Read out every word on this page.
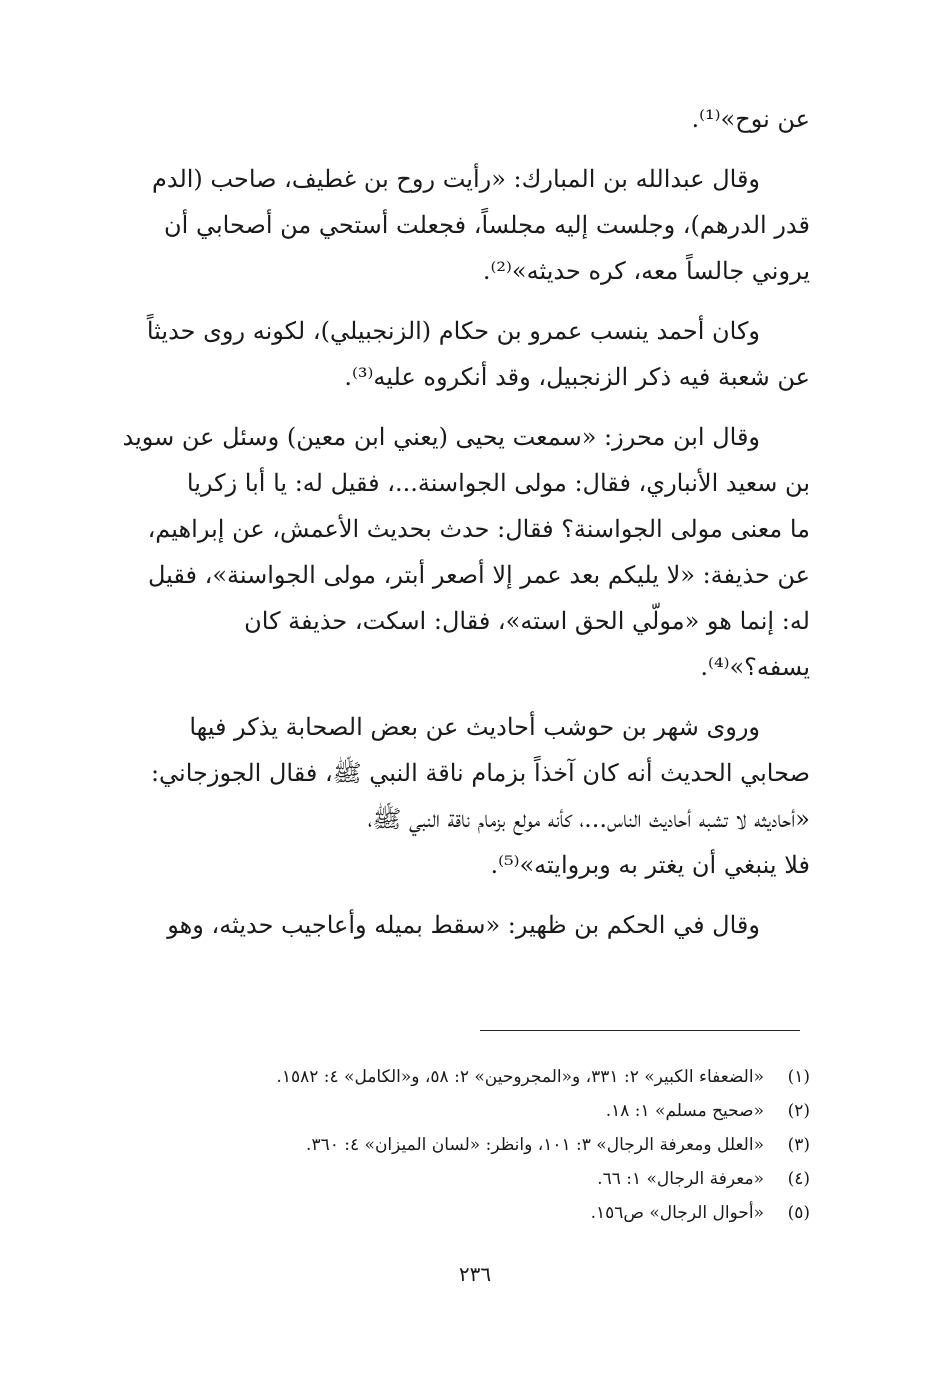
عن نوح»⁽¹⁾.

وقال عبدالله بن المبارك: «رأيت روح بن غطيف، صاحب (الدم
قدر الدرهم)، وجلست إليه مجلساً، فجعلت أستحي من أصحابي أن
يروني جالساً معه، كره حديثه»⁽²⁾.

وكان أحمد ينسب عمرو بن حكام (الزنجبيلي)، لكونه روى حديثاً
عن شعبة فيه ذكر الزنجبيل، وقد أنكروه عليه⁽³⁾.

وقال ابن محرز: «سمعت يحيى (يعني ابن معين) وسئل عن سويد
بن سعيد الأنباري، فقال: مولى الجواسنة...، فقيل له: يا أبا زكريا
ما معنى مولى الجواسنة؟ فقال: حدث بحديث الأعمش، عن إبراهيم،
عن حذيفة: «لا يليكم بعد عمر إلا أصعر أبتر، مولى الجواسنة»، فقيل
له: إنما هو «مولّي الحق استه»، فقال: اسكت، حذيفة كان
يسفه؟»⁽⁴⁾.

وروى شهر بن حوشب أحاديث عن بعض الصحابة يذكر فيها
صحابي الحديث أنه كان آخذاً بزمام ناقة النبي ﷺ، فقال الجوزجاني:
«أحاديثه لا تشبه أحاديث الناس...، كأنه مولع بزمام ناقة النبي ﷺ،
فلا ينبغي أن يغتر به وبروايته»⁽⁵⁾.

وقال في الحكم بن ظهير: «سقط بميله وأعاجيب حديثه، وهو

(١)«الضعفاء الكبير» ٢: ٣٣١، و«المجروحين» ٢: ٥٨، و«الكامل» ٤: ١٥٨٢.
(٢)«صحيح مسلم» ١: ١٨.
(٣)«العلل ومعرفة الرجال» ٣: ١٠١، وانظر: «لسان الميزان» ٤: ٣٦٠.
(٤)«معرفة الرجال» ١: ٦٦.
(٥)«أحوال الرجال» ص١٥٦.
٢٣٦
